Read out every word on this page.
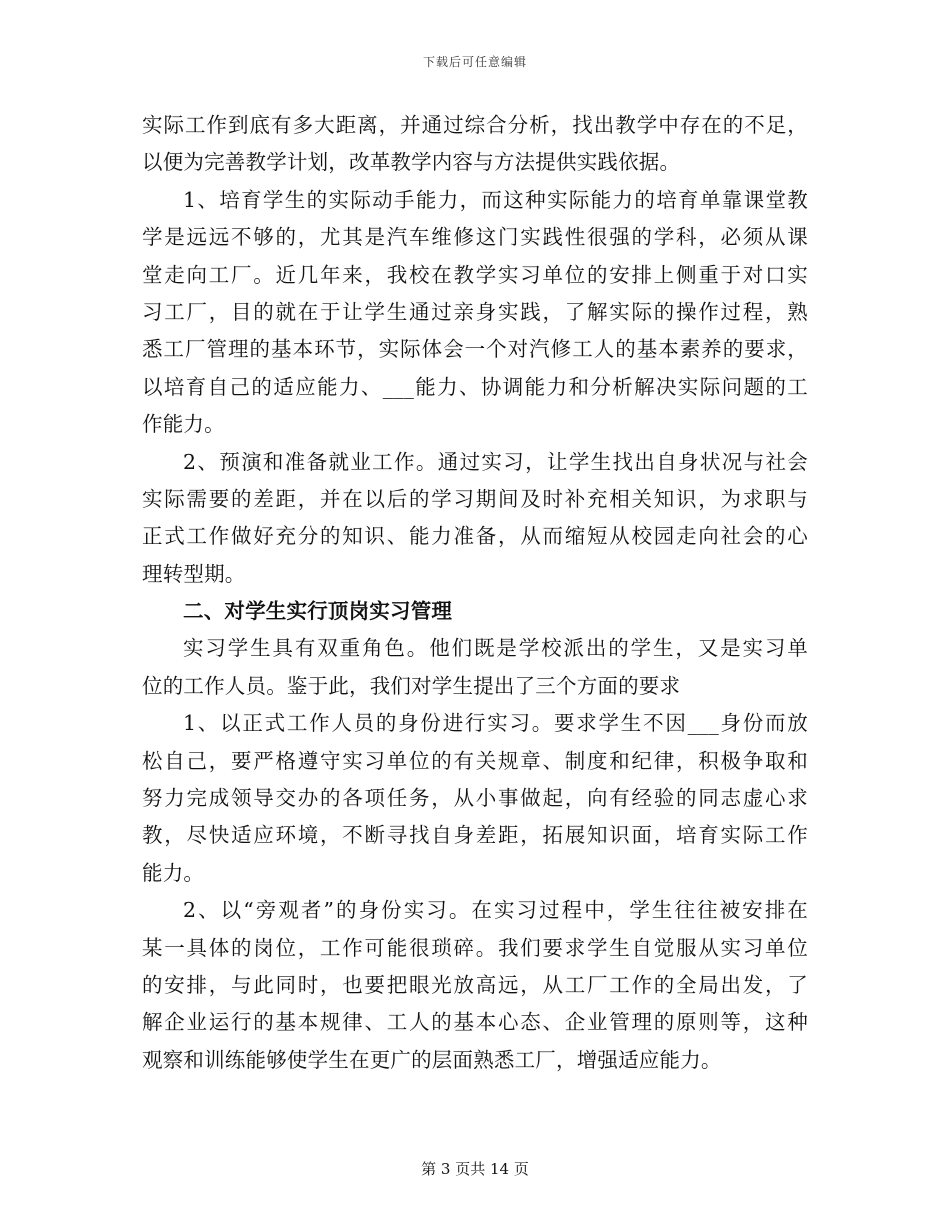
下载后可任意编辑
实际工作到底有多大距离，并通过综合分析，找出教学中存在的不足，
以便为完善教学计划，改革教学内容与方法提供实践依据。
1、培育学生的实际动手能力，而这种实际能力的培育单靠课堂教
学是远远不够的，尤其是汽车维修这门实践性很强的学科，必须从课
堂走向工厂。近几年来，我校在教学实习单位的安排上侧重于对口实
习工厂，目的就在于让学生通过亲身实践，了解实际的操作过程，熟
悉工厂管理的基本环节，实际体会一个对汽修工人的基本素养的要求，
以培育自己的适应能力、___能力、协调能力和分析解决实际问题的工
作能力。
2、预演和准备就业工作。通过实习，让学生找出自身状况与社会
实际需要的差距，并在以后的学习期间及时补充相关知识，为求职与
正式工作做好充分的知识、能力准备，从而缩短从校园走向社会的心
理转型期。
二、对学生实行顶岗实习管理
实习学生具有双重角色。他们既是学校派出的学生，又是实习单
位的工作人员。鉴于此，我们对学生提出了三个方面的要求
1、以正式工作人员的身份进行实习。要求学生不因___身份而放
松自己，要严格遵守实习单位的有关规章、制度和纪律，积极争取和
努力完成领导交办的各项任务，从小事做起，向有经验的同志虚心求
教，尽快适应环境，不断寻找自身差距，拓展知识面，培育实际工作
能力。
2、以“旁观者”的身份实习。在实习过程中，学生往往被安排在
某一具体的岗位，工作可能很琐碎。我们要求学生自觉服从实习单位
的安排，与此同时，也要把眼光放高远，从工厂工作的全局出发，了
解企业运行的基本规律、工人的基本心态、企业管理的原则等，这种
观察和训练能够使学生在更广的层面熟悉工厂，增强适应能力。
第 3 页共 14 页
